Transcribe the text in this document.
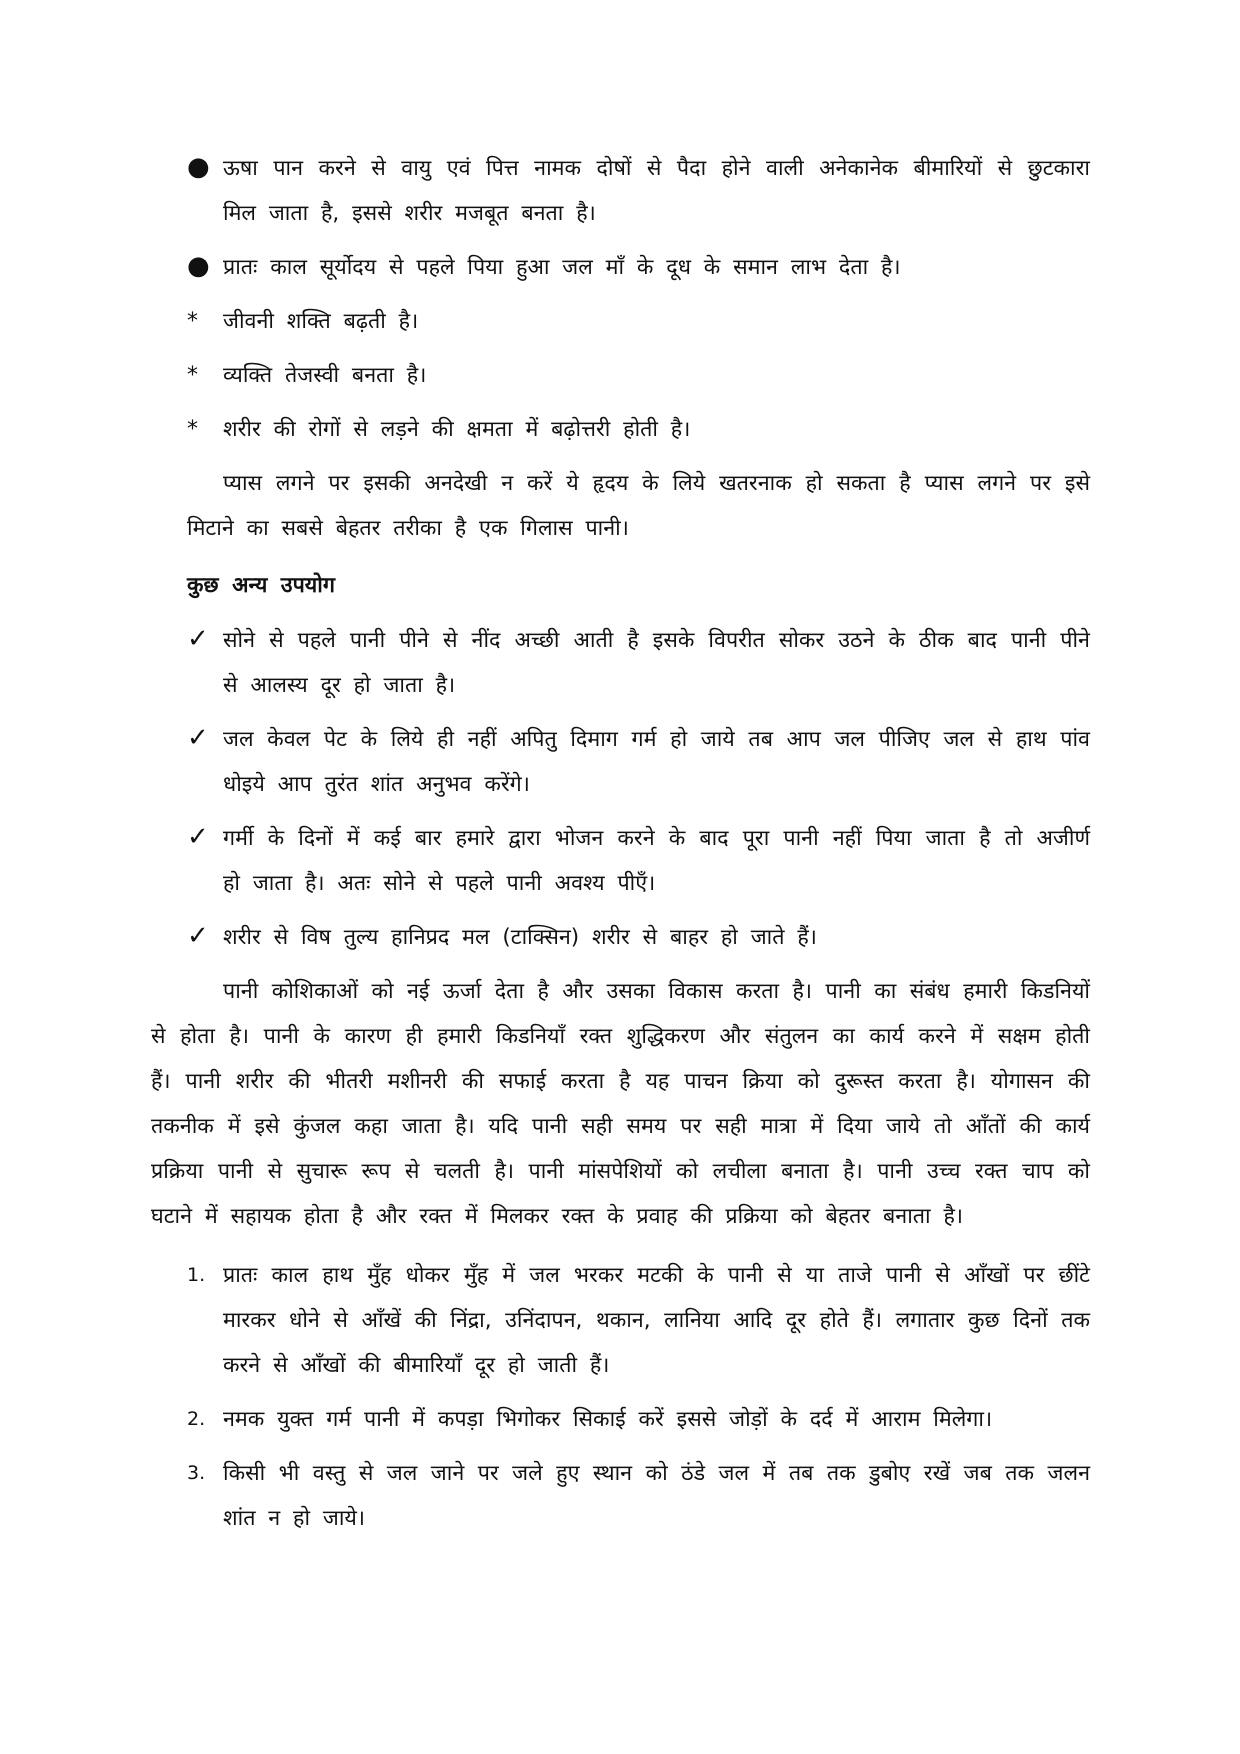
● ऊषा पान करने से वायु एवं पित्त नामक दोषों से पैदा होने वाली अनेकानेक बीमारियों से छुटकारा मिल जाता है, इससे शरीर मजबूत बनता है।
● प्रातः काल सूर्योदय से पहले पिया हुआ जल माँ के दूध के समान लाभ देता है।
*	जीवनी शक्ति बढ़ती है।
*	व्यक्ति तेजस्वी बनता है।
*	शरीर की रोगों से लड़ने की क्षमता में बढ़ोत्तरी होती है।

प्यास लगने पर इसकी अनदेखी न करें ये हृदय के लिये खतरनाक हो सकता है प्यास लगने पर इसे मिटाने का सबसे बेहतर तरीका है एक गिलास पानी।

कुछ अन्य उपयोग
✓ सोने से पहले पानी पीने से नींद अच्छी आती है इसके विपरीत सोकर उठने के ठीक बाद पानी पीने से आलस्य दूर हो जाता है।
✓ जल केवल पेट के लिये ही नहीं अपितु दिमाग गर्म हो जाये तब आप जल पीजिए जल से हाथ पांव धोइये आप तुरंत शांत अनुभव करेंगे।
✓ गर्मी के दिनों में कई बार हमारे द्वारा भोजन करने के बाद पूरा पानी नहीं पिया जाता है तो अजीर्ण हो जाता है। अतः सोने से पहले पानी अवश्य पीएँ।
✓ शरीर से विष तुल्य हानिप्रद मल (टाक्सिन) शरीर से बाहर हो जाते हैं।

पानी कोशिकाओं को नई ऊर्जा देता है और उसका विकास करता है। पानी का संबंध हमारी किडनियों से होता है। पानी के कारण ही हमारी किडनियाँ रक्त शुद्धिकरण और संतुलन का कार्य करने में सक्षम होती हैं। पानी शरीर की भीतरी मशीनरी की सफाई करता है यह पाचन क्रिया को दुरूस्त करता है। योगासन की तकनीक में इसे कुंजल कहा जाता है। यदि पानी सही समय पर सही मात्रा में दिया जाये तो आँतों की कार्य प्रक्रिया पानी से सुचारू रूप से चलती है। पानी मांसपेशियों को लचीला बनाता है। पानी उच्च रक्त चाप को घटाने में सहायक होता है और रक्त में मिलकर रक्त के प्रवाह की प्रक्रिया को बेहतर बनाता है।

1. प्रातः काल हाथ मुँह धोकर मुँह में जल भरकर मटकी के पानी से या ताजे पानी से आँखों पर छींटे मारकर धोने से आँखें की निंद्रा, उनिंदापन, थकान, लानिया आदि दूर होते हैं। लगातार कुछ दिनों तक करने से आँखों की बीमारियाँ दूर हो जाती हैं।
2. नमक युक्त गर्म पानी में कपड़ा भिगोकर सिकाई करें इससे जोड़ों के दर्द में आराम मिलेगा।
3. किसी भी वस्तु से जल जाने पर जले हुए स्थान को ठंडे जल में तब तक डुबोए रखें जब तक जलन शांत न हो जाये।
